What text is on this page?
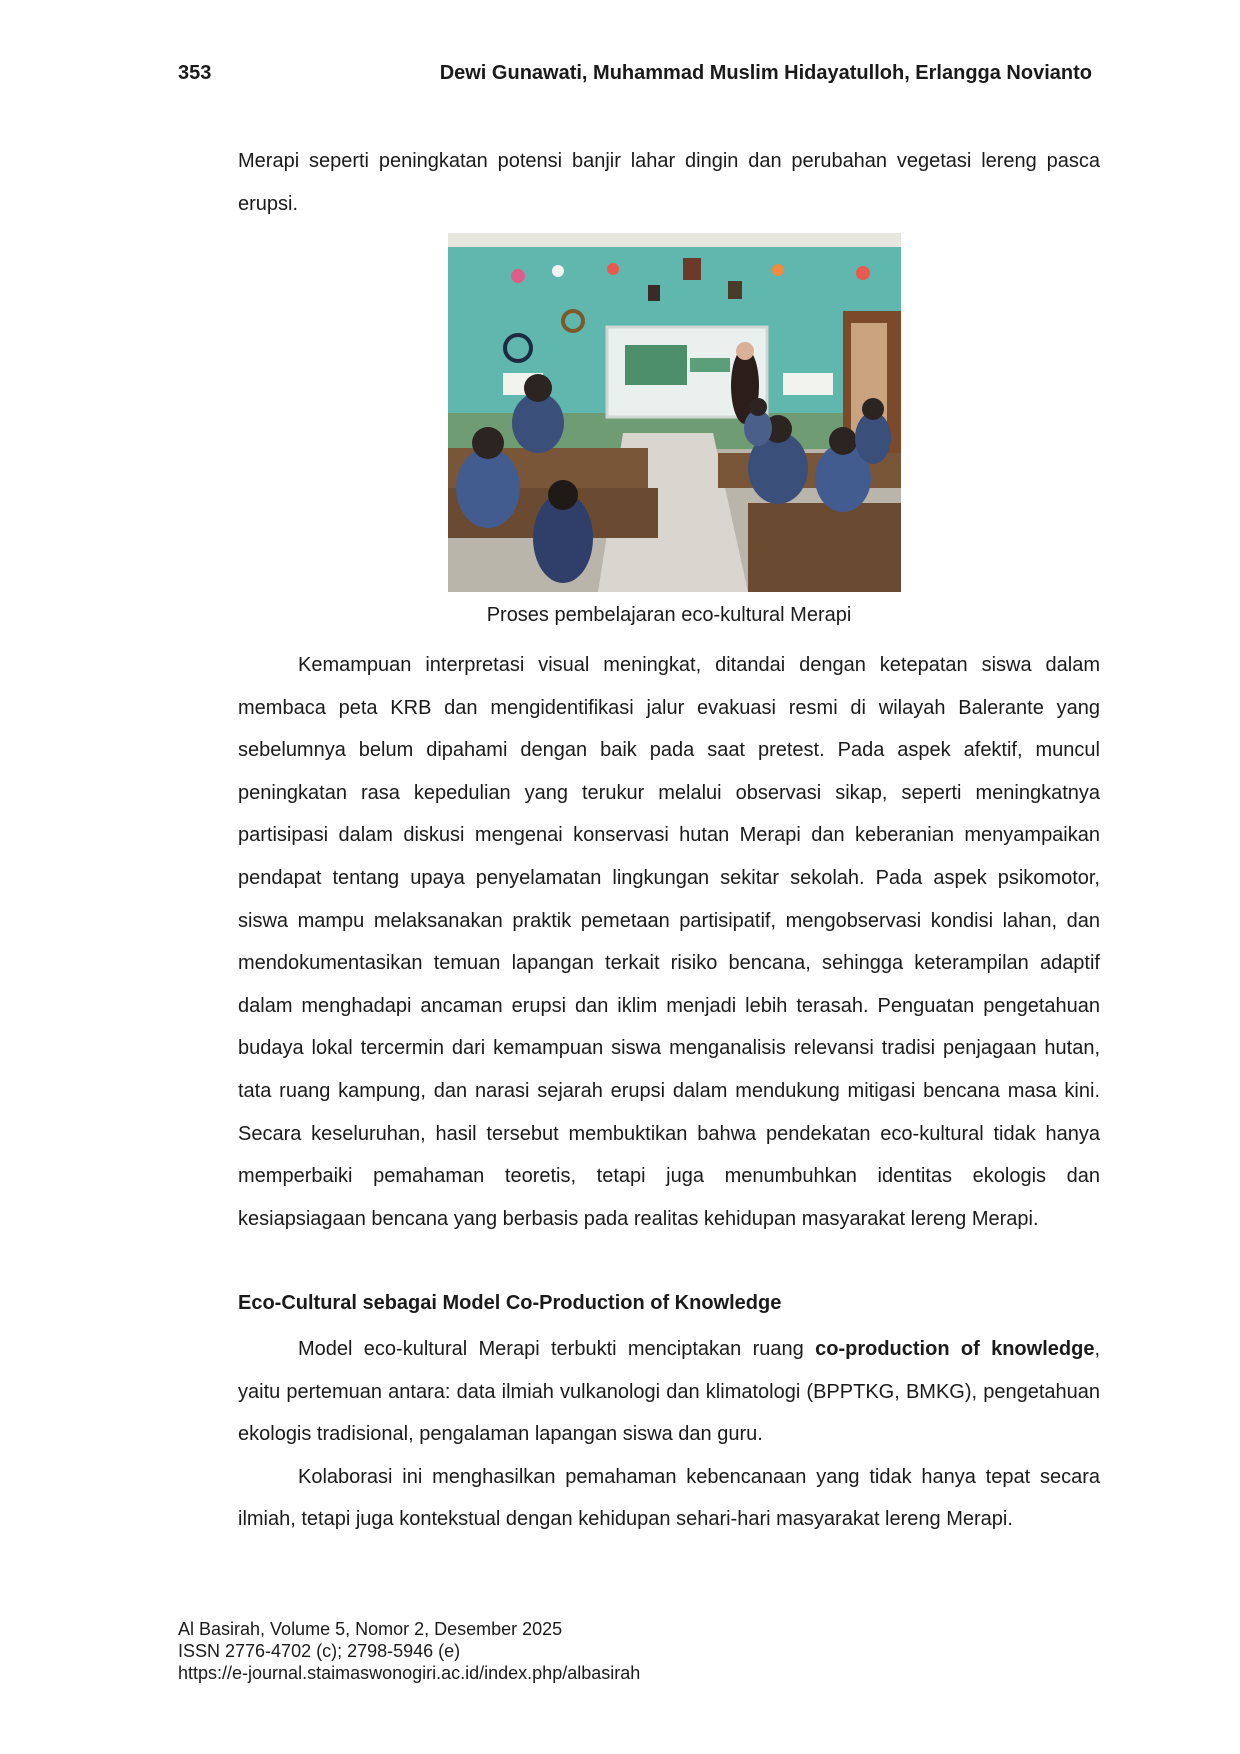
353	Dewi Gunawati, Muhammad Muslim Hidayatulloh, Erlangga Novianto

Merapi seperti peningkatan potensi banjir lahar dingin dan perubahan vegetasi lereng pasca erupsi.

Proses pembelajaran eco-kultural Merapi

Kemampuan interpretasi visual meningkat, ditandai dengan ketepatan siswa dalam membaca peta KRB dan mengidentifikasi jalur evakuasi resmi di wilayah Balerante yang sebelumnya belum dipahami dengan baik pada saat pretest. Pada aspek afektif, muncul peningkatan rasa kepedulian yang terukur melalui observasi sikap, seperti meningkatnya partisipasi dalam diskusi mengenai konservasi hutan Merapi dan keberanian menyampaikan pendapat tentang upaya penyelamatan lingkungan sekitar sekolah. Pada aspek psikomotor, siswa mampu melaksanakan praktik pemetaan partisipatif, mengobservasi kondisi lahan, dan mendokumentasikan temuan lapangan terkait risiko bencana, sehingga keterampilan adaptif dalam menghadapi ancaman erupsi dan iklim menjadi lebih terasah. Penguatan pengetahuan budaya lokal tercermin dari kemampuan siswa menganalisis relevansi tradisi penjagaan hutan, tata ruang kampung, dan narasi sejarah erupsi dalam mendukung mitigasi bencana masa kini. Secara keseluruhan, hasil tersebut membuktikan bahwa pendekatan eco-kultural tidak hanya memperbaiki pemahaman teoretis, tetapi juga menumbuhkan identitas ekologis dan kesiapsiagaan bencana yang berbasis pada realitas kehidupan masyarakat lereng Merapi.

Eco-Cultural sebagai Model Co-Production of Knowledge

Model eco-kultural Merapi terbukti menciptakan ruang co-production of knowledge, yaitu pertemuan antara: data ilmiah vulkanologi dan klimatologi (BPPTKG, BMKG), pengetahuan ekologis tradisional, pengalaman lapangan siswa dan guru.

Kolaborasi ini menghasilkan pemahaman kebencanaan yang tidak hanya tepat secara ilmiah, tetapi juga kontekstual dengan kehidupan sehari-hari masyarakat lereng Merapi.

Al Basirah, Volume 5, Nomor 2, Desember 2025
ISSN 2776-4702 (c); 2798-5946 (e)
https://e-journal.staimaswonogiri.ac.id/index.php/albasirah
